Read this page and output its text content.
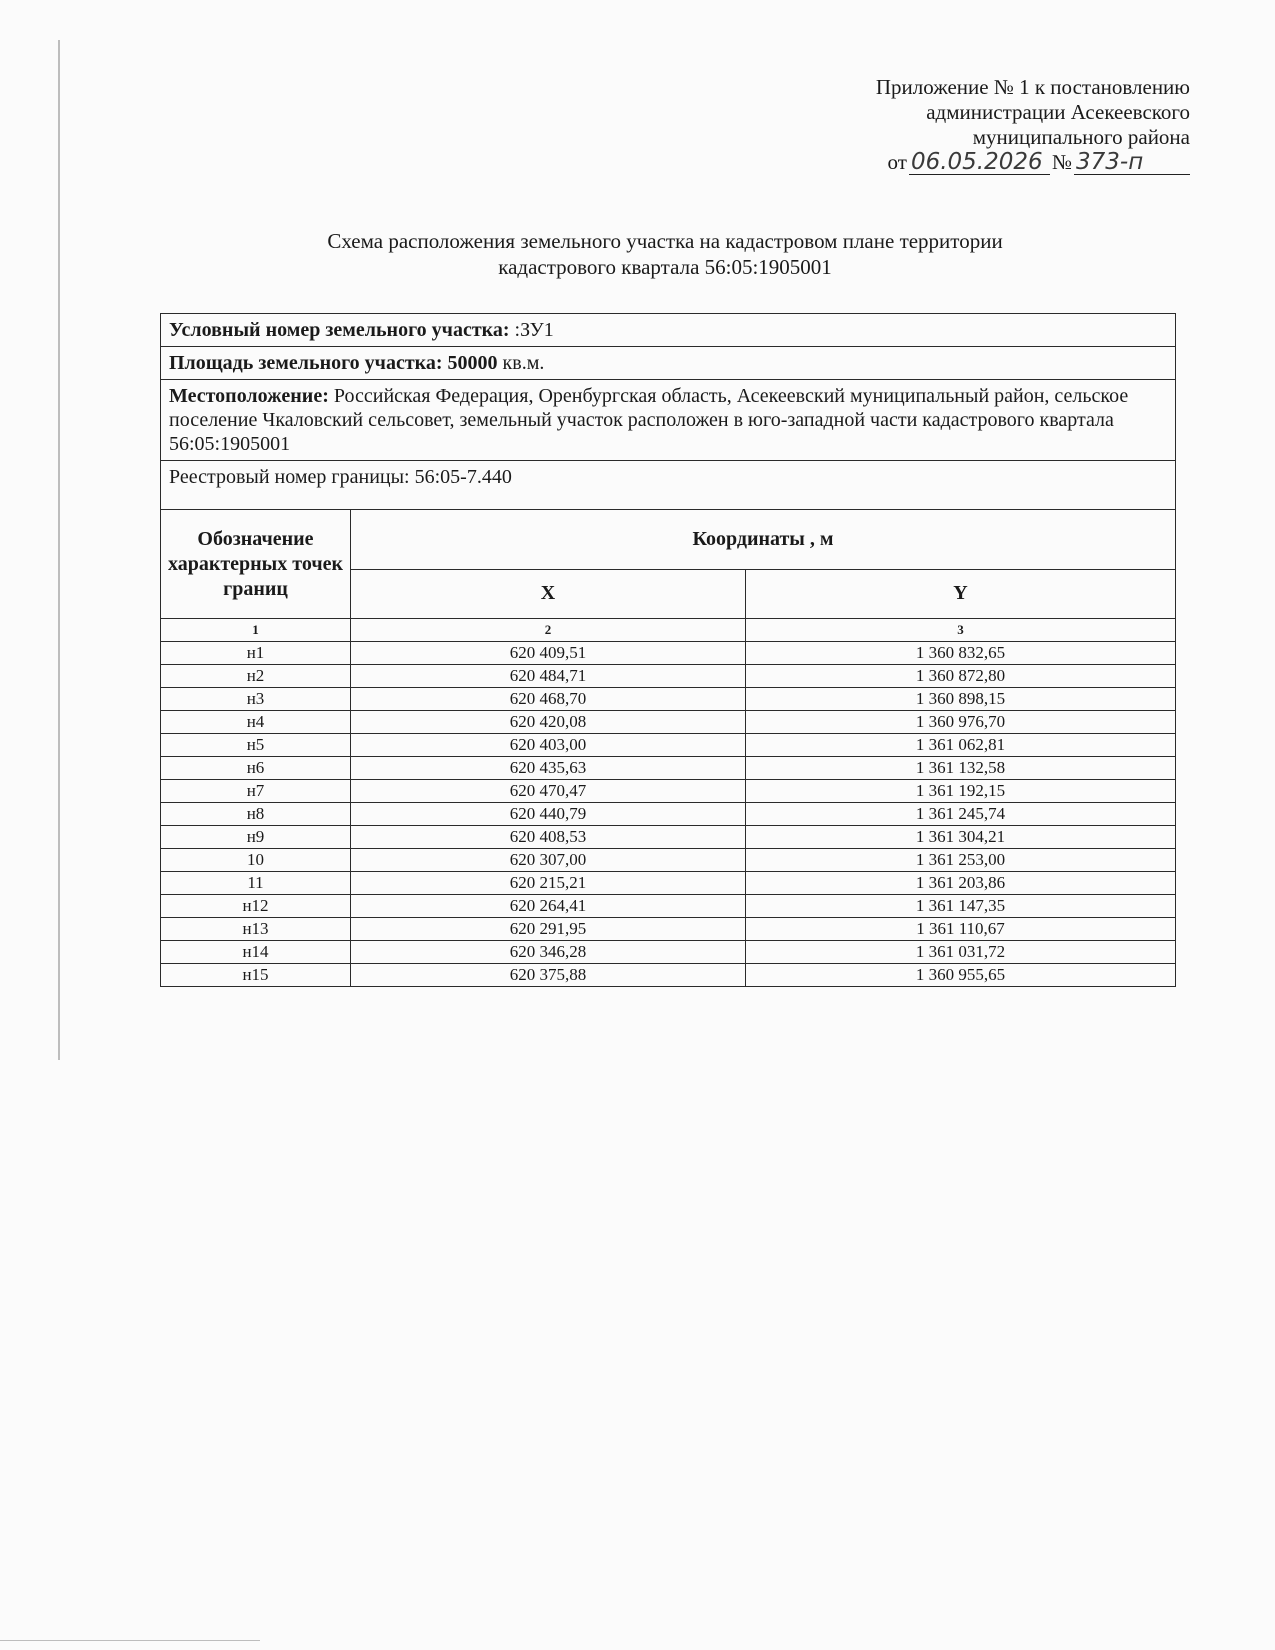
Приложение № 1 к постановлению
администрации Асекеевского
муниципального района
от 06.05.2026 № 373-п
Схема расположения земельного участка на кадастровом плане территории
кадастрового квартала 56:05:1905001
Условный номер земельного участка: :ЗУ1		
Площадь земельного участка: 50000 кв.м.		
Местоположение: Российская Федерация, Оренбургская область, Асекеевский муниципальный район, сельское поселение Чкаловский сельсовет, земельный участок расположен в юго-западной части кадастрового квартала 56:05:1905001		
Реестровый номер границы: 56:05-7.440		
Обозначение характерных точек границ	Координаты , м	
	X	Y
1	2	3
н1	620 409,51	1 360 832,65
н2	620 484,71	1 360 872,80
н3	620 468,70	1 360 898,15
н4	620 420,08	1 360 976,70
н5	620 403,00	1 361 062,81
н6	620 435,63	1 361 132,58
н7	620 470,47	1 361 192,15
н8	620 440,79	1 361 245,74
н9	620 408,53	1 361 304,21
10	620 307,00	1 361 253,00
11	620 215,21	1 361 203,86
н12	620 264,41	1 361 147,35
н13	620 291,95	1 361 110,67
н14	620 346,28	1 361 031,72
н15	620 375,88	1 360 955,65
